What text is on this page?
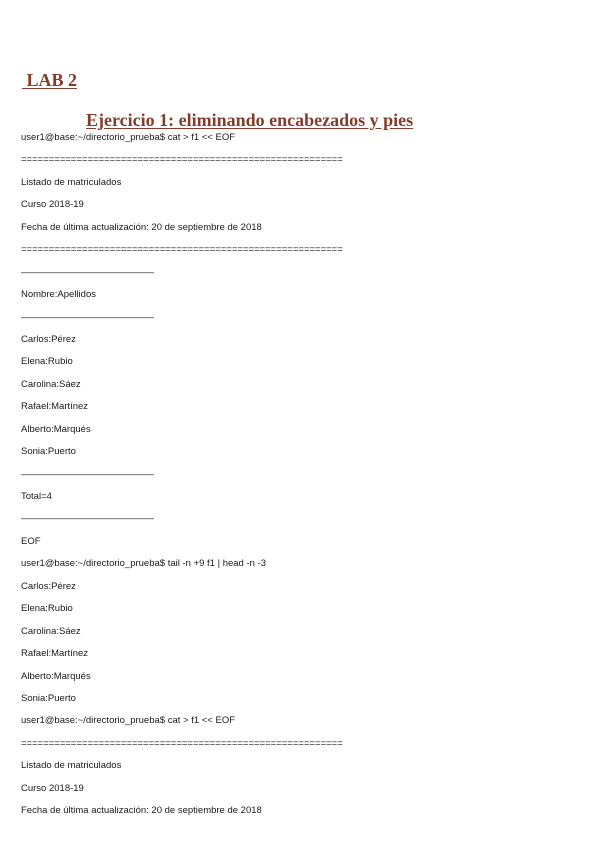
LAB 2
Ejercicio 1: eliminando encabezados y pies
user1@base:~/directorio_prueba$ cat > f1 << EOF
==========================================================
Listado de matriculados
Curso 2018-19
Fecha de última actualización: 20 de septiembre de 2018
==========================================================
——————————————
Nombre:Apellidos
——————————————
Carlos:Pérez
Elena:Rubio
Carolina:Sáez
Rafael:Martínez
Alberto:Marqués
Sonia:Puerto
——————————————
Total=4
——————————————
EOF
user1@base:~/directorio_prueba$ tail -n +9 f1 | head -n -3
Carlos:Pérez
Elena:Rubio
Carolina:Sáez
Rafael:Martínez
Alberto:Marqués
Sonia:Puerto
user1@base:~/directorio_prueba$ cat > f1 << EOF
==========================================================
Listado de matriculados
Curso 2018-19
Fecha de última actualización: 20 de septiembre de 2018
